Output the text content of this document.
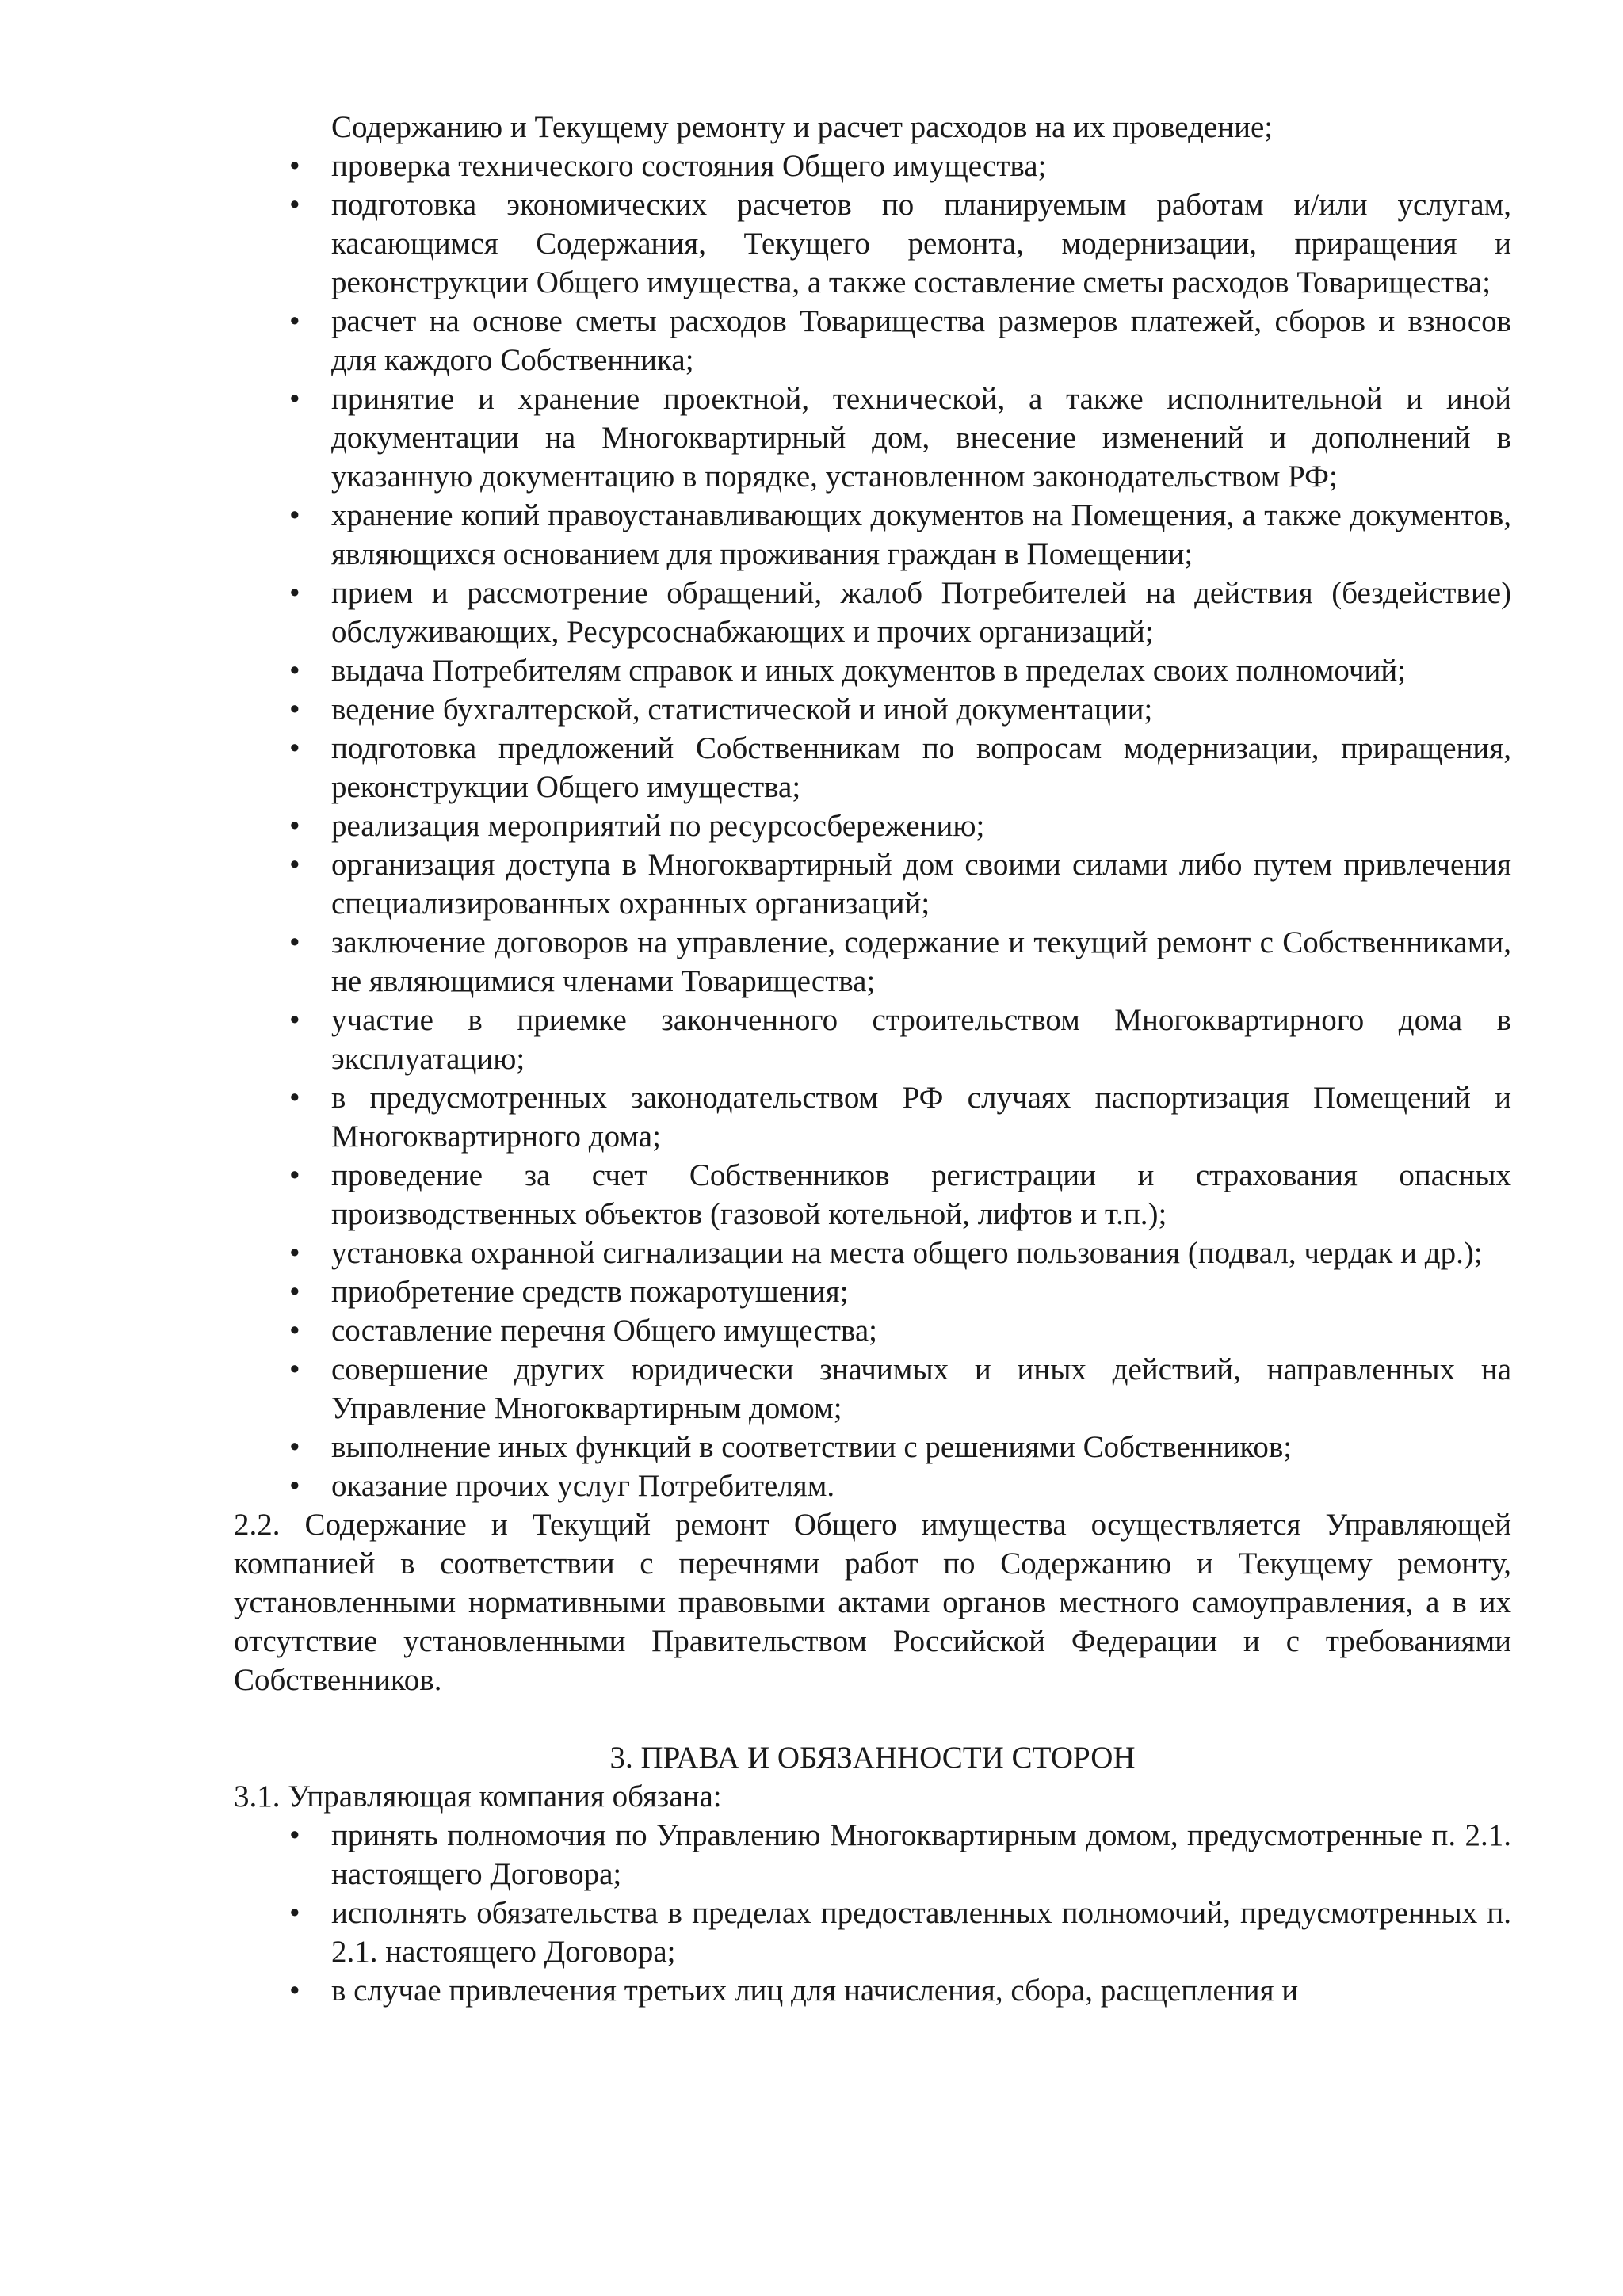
Содержанию и Текущему ремонту и расчет расходов на их проведение;

•	проверка технического состояния Общего имущества;
•	подготовка экономических расчетов по планируемым работам и/или услугам, касающимся Содержания, Текущего ремонта, модернизации, приращения и реконструкции Общего имущества, а также составление сметы расходов Товарищества;
•	расчет на основе сметы расходов Товарищества размеров платежей, сборов и взносов для каждого Собственника;
•	принятие и хранение проектной, технической, а также исполнительной и иной документации на Многоквартирный дом, внесение изменений и дополнений в указанную документацию в порядке, установленном законодательством РФ;
•	хранение копий правоустанавливающих документов на Помещения, а также документов, являющихся основанием для проживания граждан в Помещении;
•	прием и рассмотрение обращений, жалоб Потребителей на действия (бездействие) обслуживающих, Ресурсоснабжающих и прочих организаций;
•	выдача Потребителям справок и иных документов в пределах своих полномочий;
•	ведение бухгалтерской, статистической и иной документации;
•	подготовка предложений Собственникам по вопросам модернизации, приращения, реконструкции Общего имущества;
•	реализация мероприятий по ресурсосбережению;
•	организация доступа в Многоквартирный дом своими силами либо путем привлечения специализированных охранных организаций;
•	заключение договоров на управление, содержание и текущий ремонт с Собственниками, не являющимися членами Товарищества;
•	участие в приемке законченного строительством Многоквартирного дома в эксплуатацию;
•	в предусмотренных законодательством РФ случаях паспортизация Помещений и Многоквартирного дома;
•	проведение за счет Собственников регистрации и страхования опасных производственных объектов (газовой котельной, лифтов и т.п.);
•	установка охранной сигнализации на места общего пользования (подвал, чердак и др.);
•	приобретение средств пожаротушения;
•	составление перечня Общего имущества;
•	совершение других юридически значимых и иных действий, направленных на Управление Многоквартирным домом;
•	выполнение иных функций в соответствии с решениями Собственников;
•	оказание прочих услуг Потребителям.

2.2. Содержание и Текущий ремонт Общего имущества осуществляется Управляющей компанией в соответствии с перечнями работ по Содержанию и Текущему ремонту, установленными нормативными правовыми актами органов местного самоуправления, а в их отсутствие установленными Правительством Российской Федерации и с требованиями Собственников.

3. ПРАВА И ОБЯЗАННОСТИ СТОРОН

3.1. Управляющая компания обязана:

•	принять полномочия по Управлению Многоквартирным домом, предусмотренные п. 2.1. настоящего Договора;
•	исполнять обязательства в пределах предоставленных полномочий, предусмотренных п. 2.1. настоящего Договора;
•	в случае привлечения третьих лиц для начисления, сбора, расщепления и
